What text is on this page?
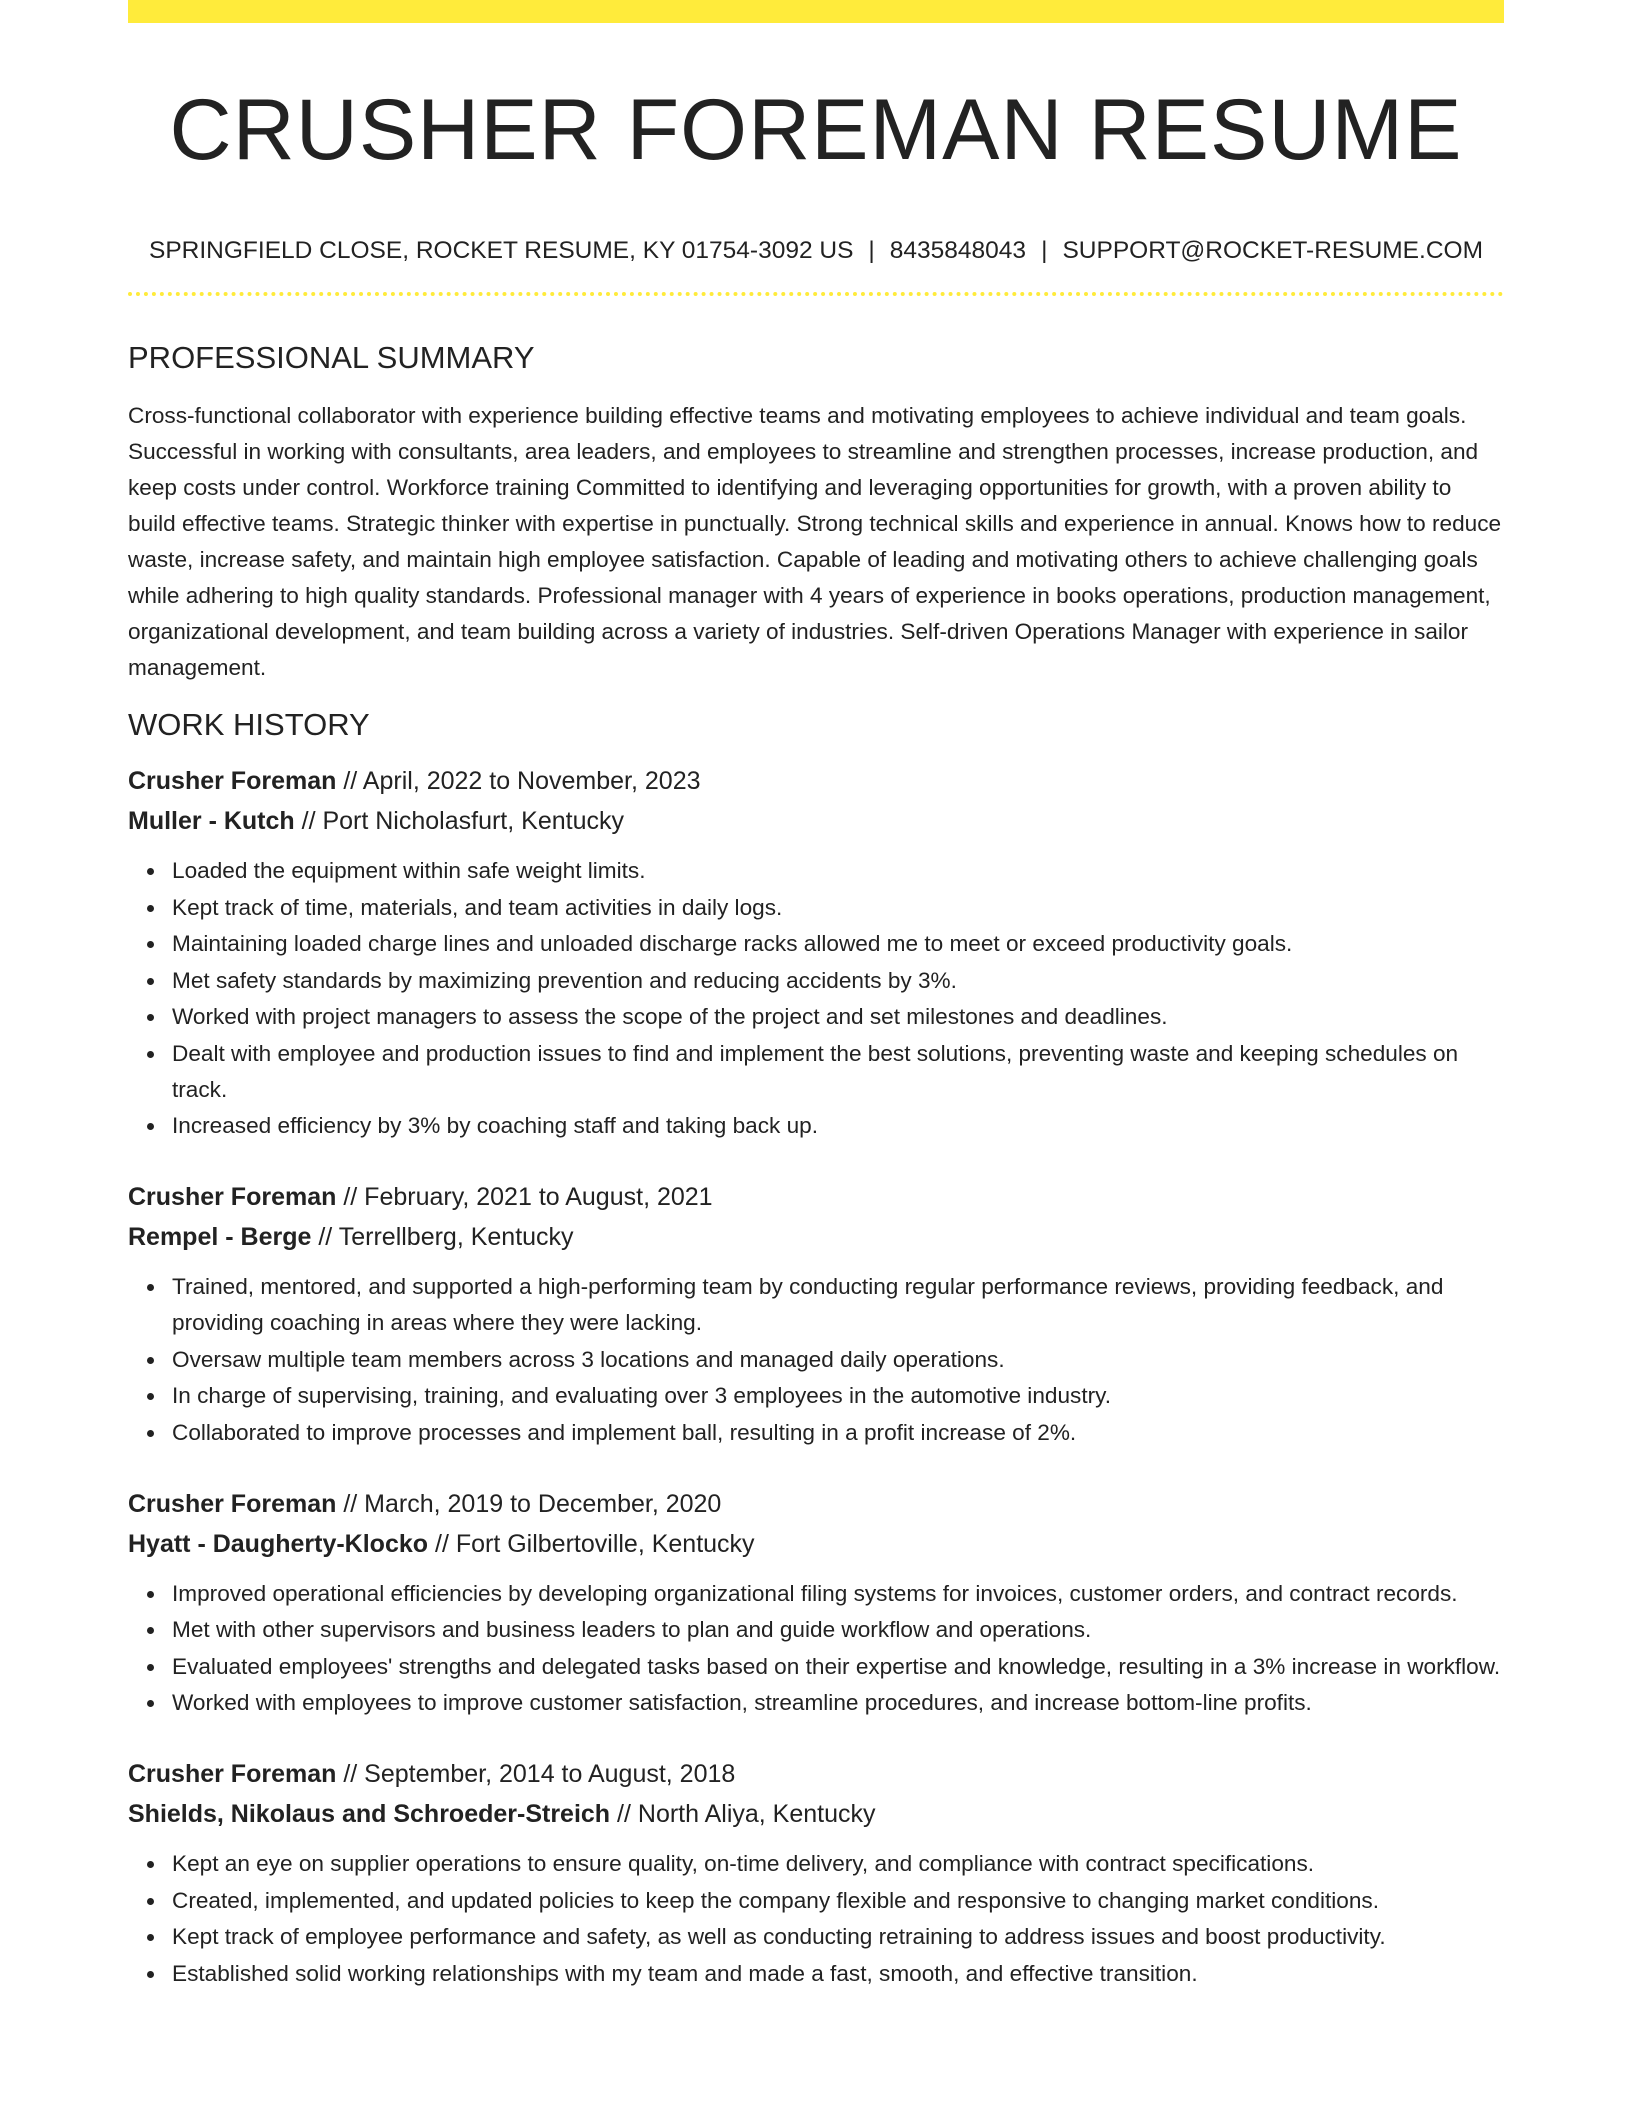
CRUSHER FOREMAN RESUME
SPRINGFIELD CLOSE, ROCKET RESUME, KY 01754-3092 US | 8435848043 | SUPPORT@ROCKET-RESUME.COM
PROFESSIONAL SUMMARY

Cross-functional collaborator with experience building effective teams and motivating employees to achieve individual and team goals. Successful in working with consultants, area leaders, and employees to streamline and strengthen processes, increase production, and keep costs under control. Workforce training Committed to identifying and leveraging opportunities for growth, with a proven ability to build effective teams. Strategic thinker with expertise in punctually. Strong technical skills and experience in annual. Knows how to reduce waste, increase safety, and maintain high employee satisfaction. Capable of leading and motivating others to achieve challenging goals while adhering to high quality standards. Professional manager with 4 years of experience in books operations, production management, organizational development, and team building across a variety of industries. Self-driven Operations Manager with experience in sailor management.

WORK HISTORY
Crusher Foreman // April, 2022 to November, 2023
Muller - Kutch // Port Nicholasfurt, Kentucky
Loaded the equipment within safe weight limits.
Kept track of time, materials, and team activities in daily logs.
Maintaining loaded charge lines and unloaded discharge racks allowed me to meet or exceed productivity goals.
Met safety standards by maximizing prevention and reducing accidents by 3%.
Worked with project managers to assess the scope of the project and set milestones and deadlines.
Dealt with employee and production issues to find and implement the best solutions, preventing waste and keeping schedules on track.
Increased efficiency by 3% by coaching staff and taking back up.
Crusher Foreman // February, 2021 to August, 2021
Rempel - Berge // Terrellberg, Kentucky
Trained, mentored, and supported a high-performing team by conducting regular performance reviews, providing feedback, and providing coaching in areas where they were lacking.
Oversaw multiple team members across 3 locations and managed daily operations.
In charge of supervising, training, and evaluating over 3 employees in the automotive industry.
Collaborated to improve processes and implement ball, resulting in a profit increase of 2%.
Crusher Foreman // March, 2019 to December, 2020
Hyatt - Daugherty-Klocko // Fort Gilbertoville, Kentucky
Improved operational efficiencies by developing organizational filing systems for invoices, customer orders, and contract records.
Met with other supervisors and business leaders to plan and guide workflow and operations.
Evaluated employees' strengths and delegated tasks based on their expertise and knowledge, resulting in a 3% increase in workflow.
Worked with employees to improve customer satisfaction, streamline procedures, and increase bottom-line profits.
Crusher Foreman // September, 2014 to August, 2018
Shields, Nikolaus and Schroeder-Streich // North Aliya, Kentucky
Kept an eye on supplier operations to ensure quality, on-time delivery, and compliance with contract specifications.
Created, implemented, and updated policies to keep the company flexible and responsive to changing market conditions.
Kept track of employee performance and safety, as well as conducting retraining to address issues and boost productivity.
Established solid working relationships with my team and made a fast, smooth, and effective transition.
